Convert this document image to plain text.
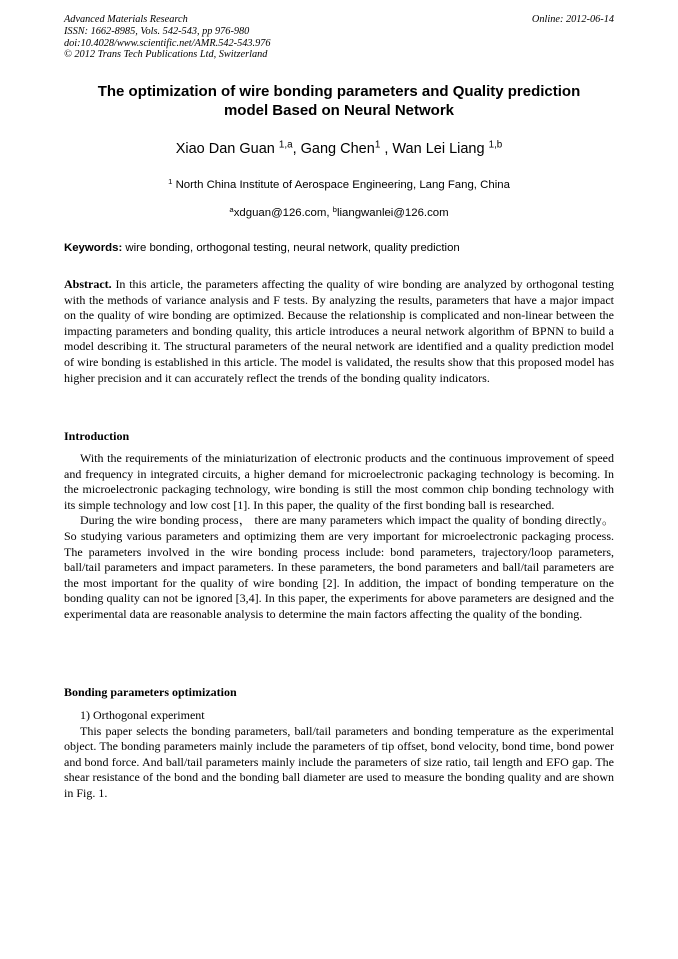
Advanced Materials Research
ISSN: 1662-8985, Vols. 542-543, pp 976-980
doi:10.4028/www.scientific.net/AMR.542-543.976
© 2012 Trans Tech Publications Ltd, Switzerland
Online: 2012-06-14
The optimization of wire bonding parameters and Quality prediction
model Based on Neural Network
Xiao Dan Guan $^{1,a}$, Gang Chen$^1$ , Wan Lei Liang $^{1,b}$
$^1$ North China Institute of Aerospace Engineering, Lang Fang, China
$^a$xdguan@126.com, $^b$liangwanlei@126.com
Keywords: wire bonding, orthogonal testing, neural network, quality prediction
Abstract. In this article, the parameters affecting the quality of wire bonding are analyzed by orthogonal testing with the methods of variance analysis and F tests. By analyzing the results, parameters that have a major impact on the quality of wire bonding are optimized. Because the relationship is complicated and non-linear between the impacting parameters and bonding quality, this article introduces a neural network algorithm of BPNN to build a model describing it. The structural parameters of the neural network are identified and a quality prediction model of wire bonding is established in this article. The model is validated, the results show that this proposed model has higher precision and it can accurately reflect the trends of the bonding quality indicators.
Introduction

With the requirements of the miniaturization of electronic products and the continuous improvement of speed and frequency in integrated circuits, a higher demand for microelectronic packaging technology is becoming. In the microelectronic packaging technology, wire bonding is still the most common chip bonding technology with its simple technology and low cost [1]. In this paper, the quality of the first bonding ball is researched.

During the wire bonding process， there are many parameters which impact the quality of bonding directly。So studying various parameters and optimizing them are very important for microelectronic packaging process. The parameters involved in the wire bonding process include: bond parameters, trajectory/loop parameters, ball/tail parameters and impact parameters. In these parameters, the bond parameters and ball/tail parameters are the most important for the quality of wire bonding [2]. In addition, the impact of bonding temperature on the bonding quality can not be ignored [3,4]. In this paper, the experiments for above parameters are designed and the experimental data are reasonable analysis to determine the main factors affecting the quality of the bonding.

Bonding parameters optimization

1) Orthogonal experiment

This paper selects the bonding parameters, ball/tail parameters and bonding temperature as the experimental object. The bonding parameters mainly include the parameters of tip offset, bond velocity, bond time, bond power and bond force. And ball/tail parameters mainly include the parameters of size ratio, tail length and EFO gap. The shear resistance of the bond and the bonding ball diameter are used to measure the bonding quality and are shown in Fig. 1.
